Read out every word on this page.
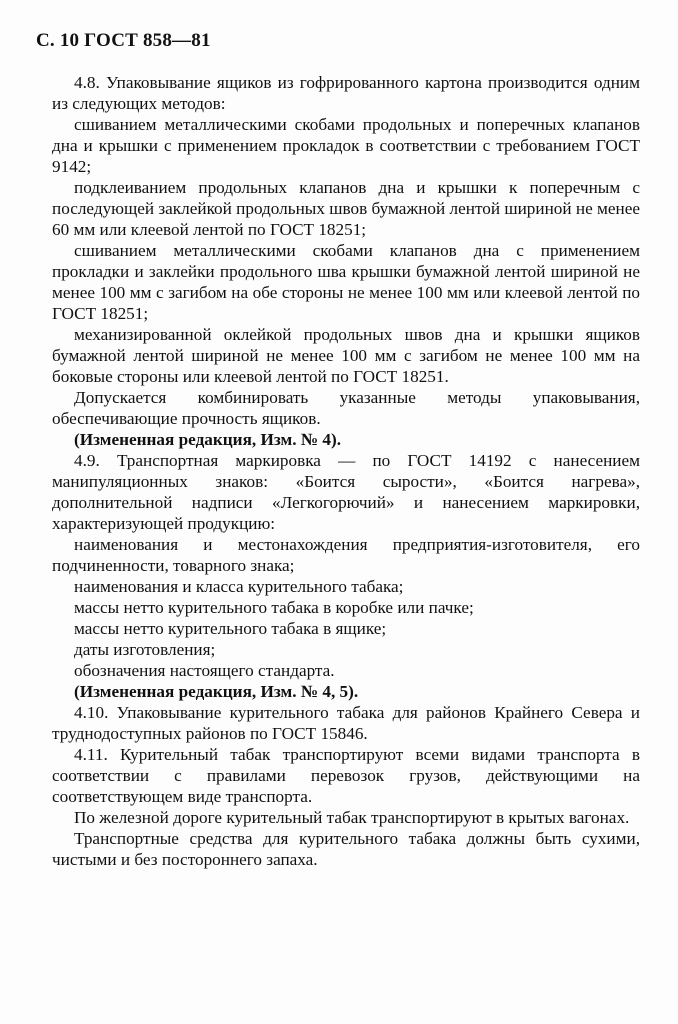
С. 10 ГОСТ 858—81

4.8. Упаковывание ящиков из гофрированного картона производится одним из следующих методов:

сшиванием металлическими скобами продольных и поперечных клапанов дна и крышки с применением прокладок в соответствии с требованием ГОСТ 9142;

подклеиванием продольных клапанов дна и крышки к поперечным с последующей заклейкой продольных швов бумажной лентой шириной не менее 60 мм или клеевой лентой по ГОСТ 18251;

сшиванием металлическими скобами клапанов дна с применением прокладки и заклейки продольного шва крышки бумажной лентой шириной не менее 100 мм с загибом на обе стороны не менее 100 мм или клеевой лентой по ГОСТ 18251;

механизированной оклейкой продольных швов дна и крышки ящиков бумажной лентой шириной не менее 100 мм с загибом не менее 100 мм на боковые стороны или клеевой лентой по ГОСТ 18251.

Допускается комбинировать указанные методы упаковывания, обеспечивающие прочность ящиков.

(Измененная редакция, Изм. № 4).

4.9. Транспортная маркировка — по ГОСТ 14192 с нанесением манипуляционных знаков: «Боится сырости», «Боится нагрева», дополнительной надписи «Легкогорючий» и нанесением маркировки, характеризующей продукцию:

наименования и местонахождения предприятия-изготовителя, его подчиненности, товарного знака;

наименования и класса курительного табака;

массы нетто курительного табака в коробке или пачке;

массы нетто курительного табака в ящике;

даты изготовления;

обозначения настоящего стандарта.

(Измененная редакция, Изм. № 4, 5).

4.10. Упаковывание курительного табака для районов Крайнего Севера и труднодоступных районов по ГОСТ 15846.

4.11. Курительный табак транспортируют всеми видами транспорта в соответствии с правилами перевозок грузов, действующими на соответствующем виде транспорта.

По железной дороге курительный табак транспортируют в крытых вагонах.

Транспортные средства для курительного табака должны быть сухими, чистыми и без постороннего запаха.
